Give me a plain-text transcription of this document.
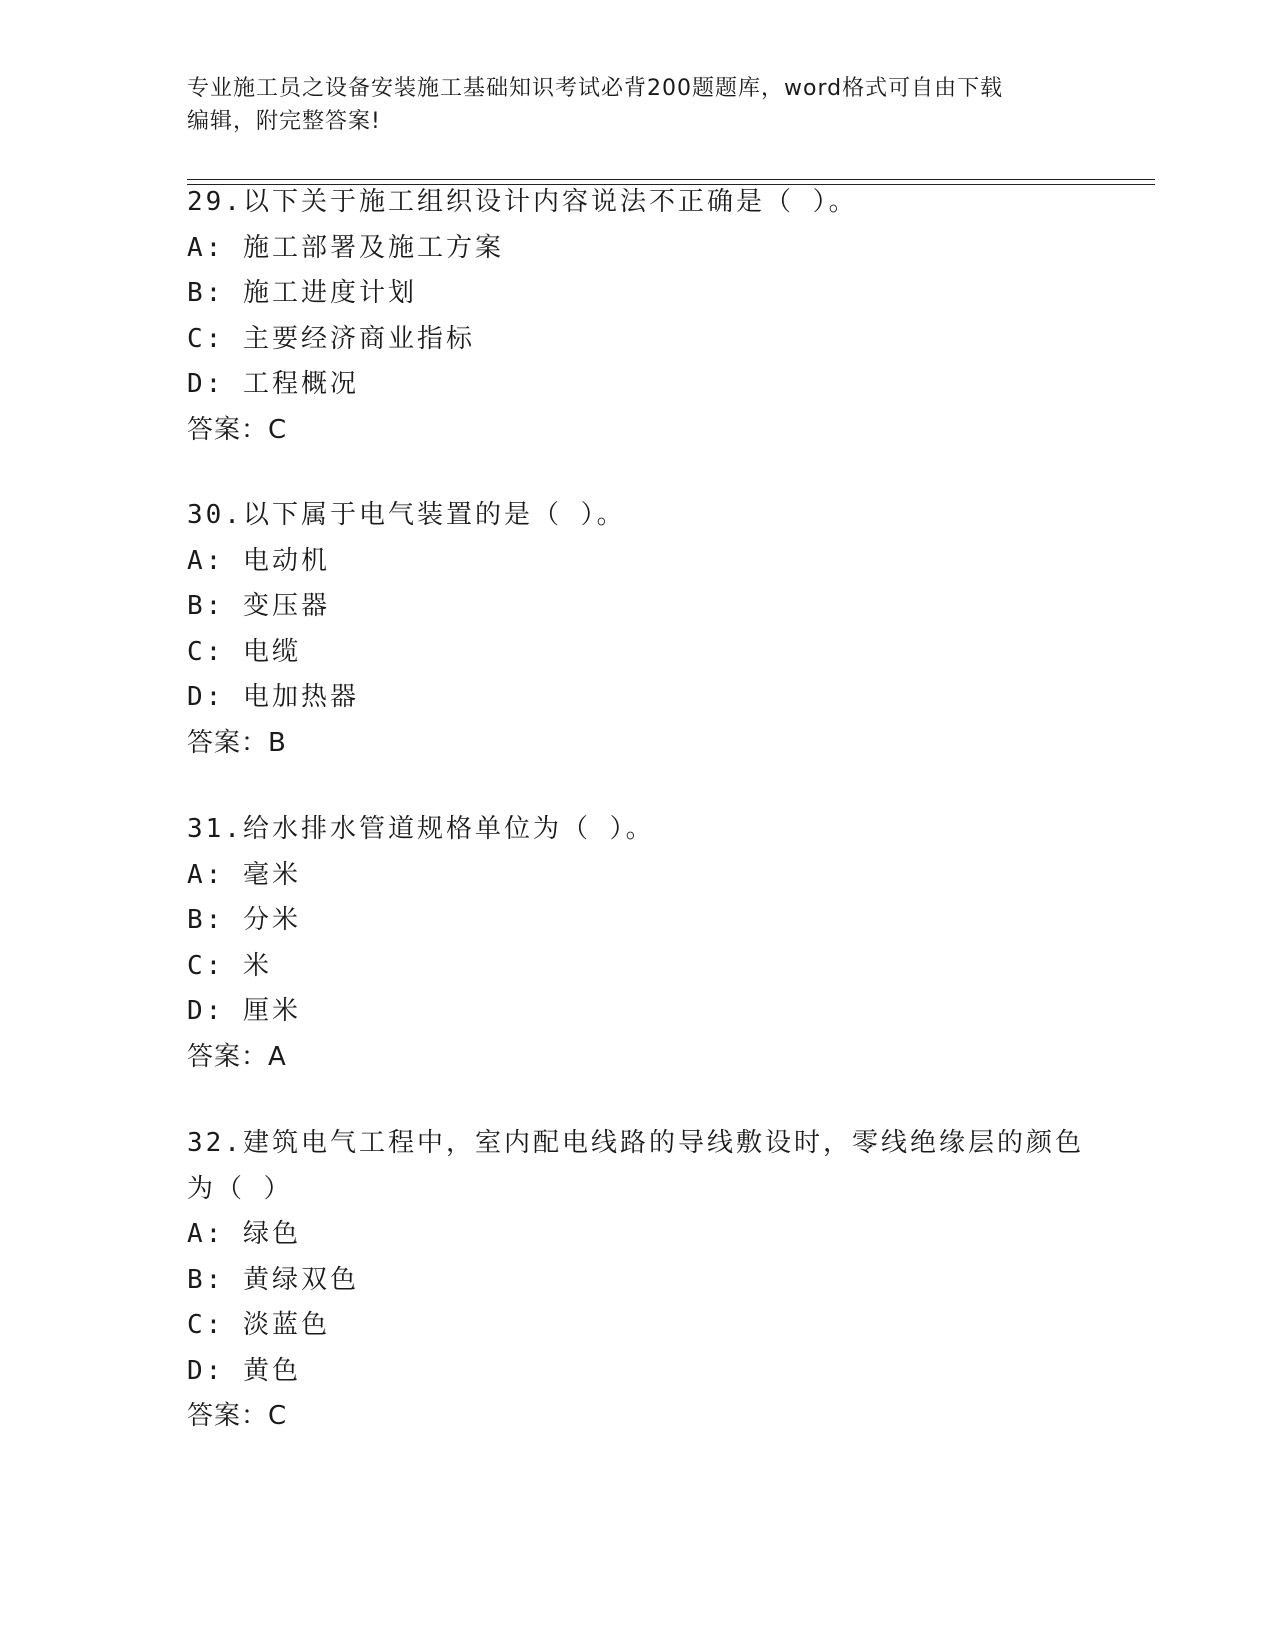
专业施工员之设备安装施工基础知识考试必背200题题库，word格式可自由下载
编辑，附完整答案!
29.以下关于施工组织设计内容说法不正确是（ ）。
A: 施工部署及施工方案
B: 施工进度计划
C: 主要经济商业指标
D: 工程概况
答案：C
30.以下属于电气装置的是（ ）。
A: 电动机
B: 变压器
C: 电缆
D: 电加热器
答案：B
31.给水排水管道规格单位为（ ）。
A: 毫米
B: 分米
C: 米
D: 厘米
答案：A
32.建筑电气工程中，室内配电线路的导线敷设时，零线绝缘层的颜色
为（ ）
A: 绿色
B: 黄绿双色
C: 淡蓝色
D: 黄色
答案：C
